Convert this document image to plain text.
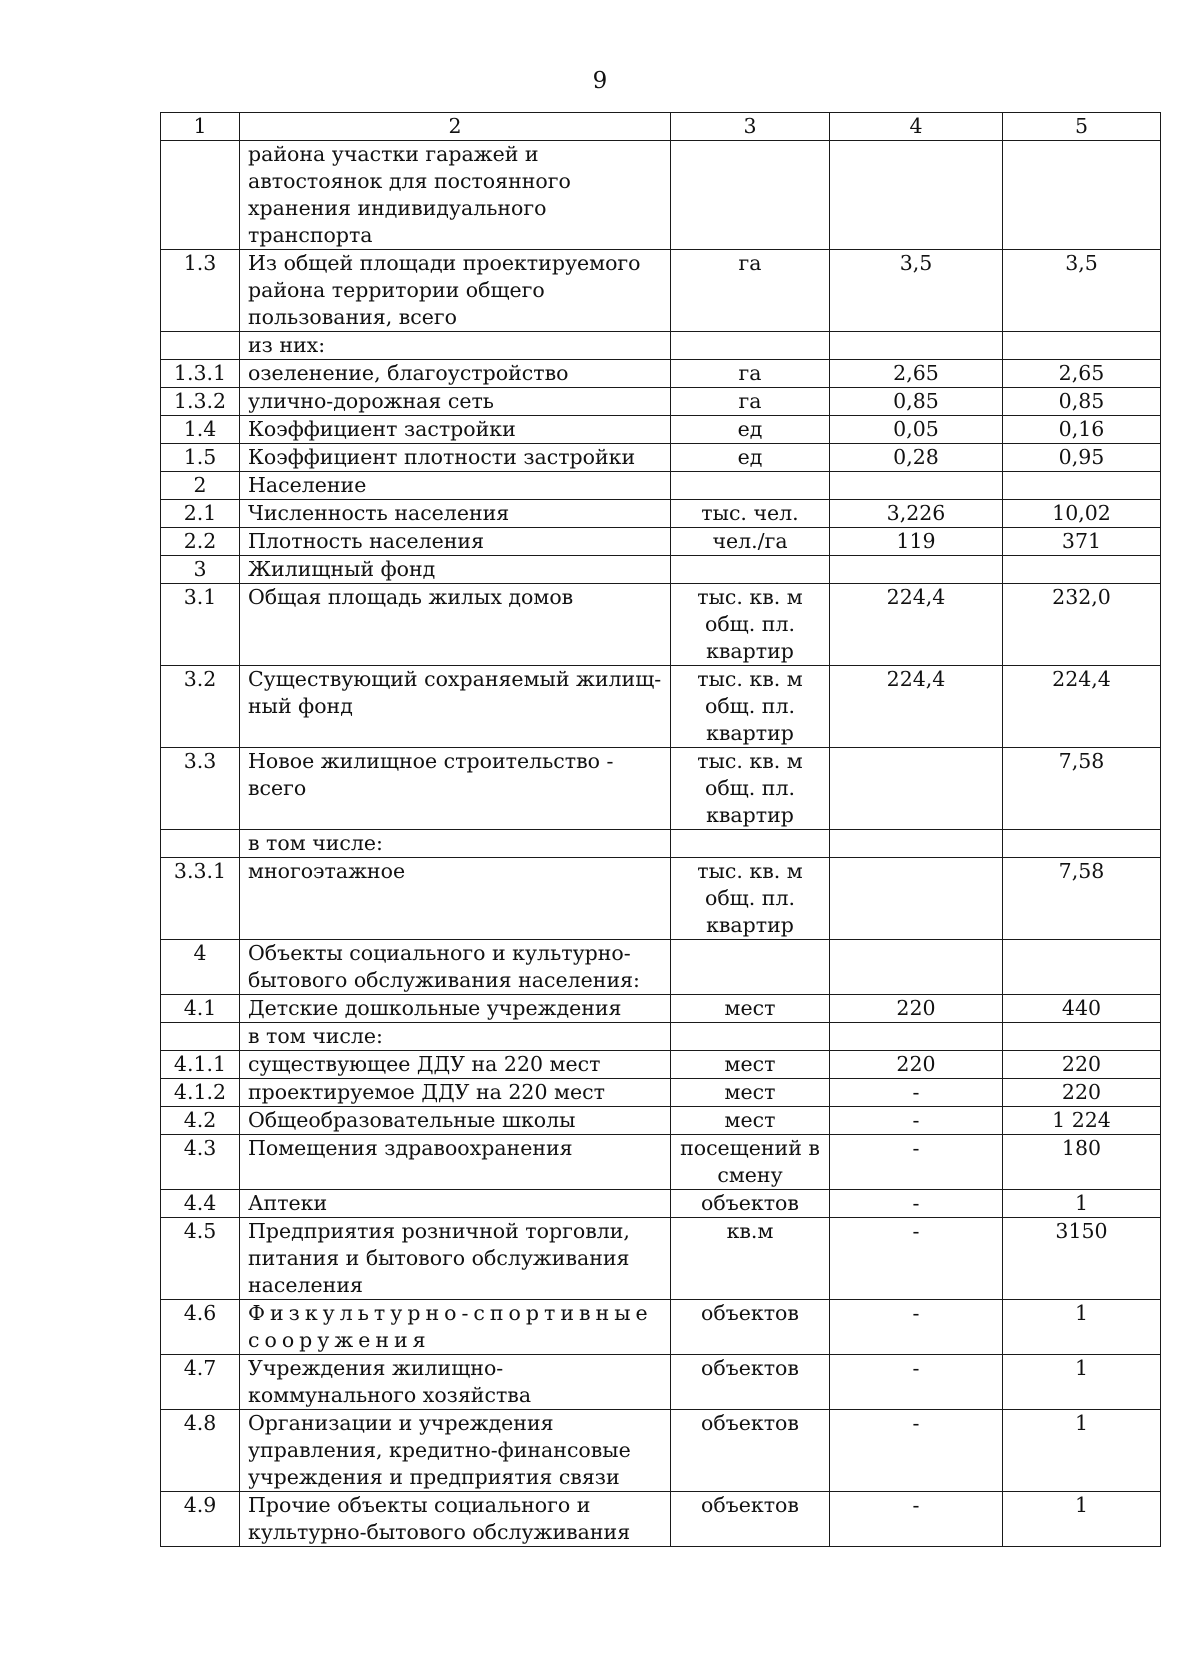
9
1	2	3	4	5
	района участки гаражей и автостоянок для постоянного хранения индивидуального транспорта			
1.3	Из общей площади проектируемого района территории общего пользования, всего	га	3,5	3,5
	из них:			
1.3.1	озеленение, благоустройство	га	2,65	2,65
1.3.2	улично-дорожная сеть	га	0,85	0,85
1.4	Коэффициент застройки	ед	0,05	0,16
1.5	Коэффициент плотности застройки	ед	0,28	0,95
2	Население			
2.1	Численность населения	тыс. чел.	3,226	10,02
2.2	Плотность населения	чел./га	119	371
3	Жилищный фонд			
3.1	Общая площадь жилых домов	тыс. кв. м общ. пл. квартир	224,4	232,0
3.2	Существующий сохраняемый жилищ-ный фонд	тыс. кв. м общ. пл. квартир	224,4	224,4
3.3	Новое жилищное строительство - всего	тыс. кв. м общ. пл. квартир		7,58
	в том числе:			
3.3.1	многоэтажное	тыс. кв. м общ. пл. квартир		7,58
4	Объекты социального и культурно-бытового обслуживания населения:			
4.1	Детские дошкольные учреждения	мест	220	440
	в том числе:			
4.1.1	существующее ДДУ на 220 мест	мест	220	220
4.1.2	проектируемое ДДУ на 220 мест	мест	-	220
4.2	Общеобразовательные школы	мест	-	1 224
4.3	Помещения здравоохранения	посещений в смену	-	180
4.4	Аптеки	объектов	-	1
4.5	Предприятия розничной торговли, питания и бытового обслуживания населения	кв.м	-	3150
4.6	Физкультурно-спортивные сооружения	объектов	-	1
4.7	Учреждения жилищно-коммунального хозяйства	объектов	-	1
4.8	Организации и учреждения управления, кредитно-финансовые учреждения и предприятия связи	объектов	-	1
4.9	Прочие объекты социального и культурно-бытового обслуживания	объектов	-	1
